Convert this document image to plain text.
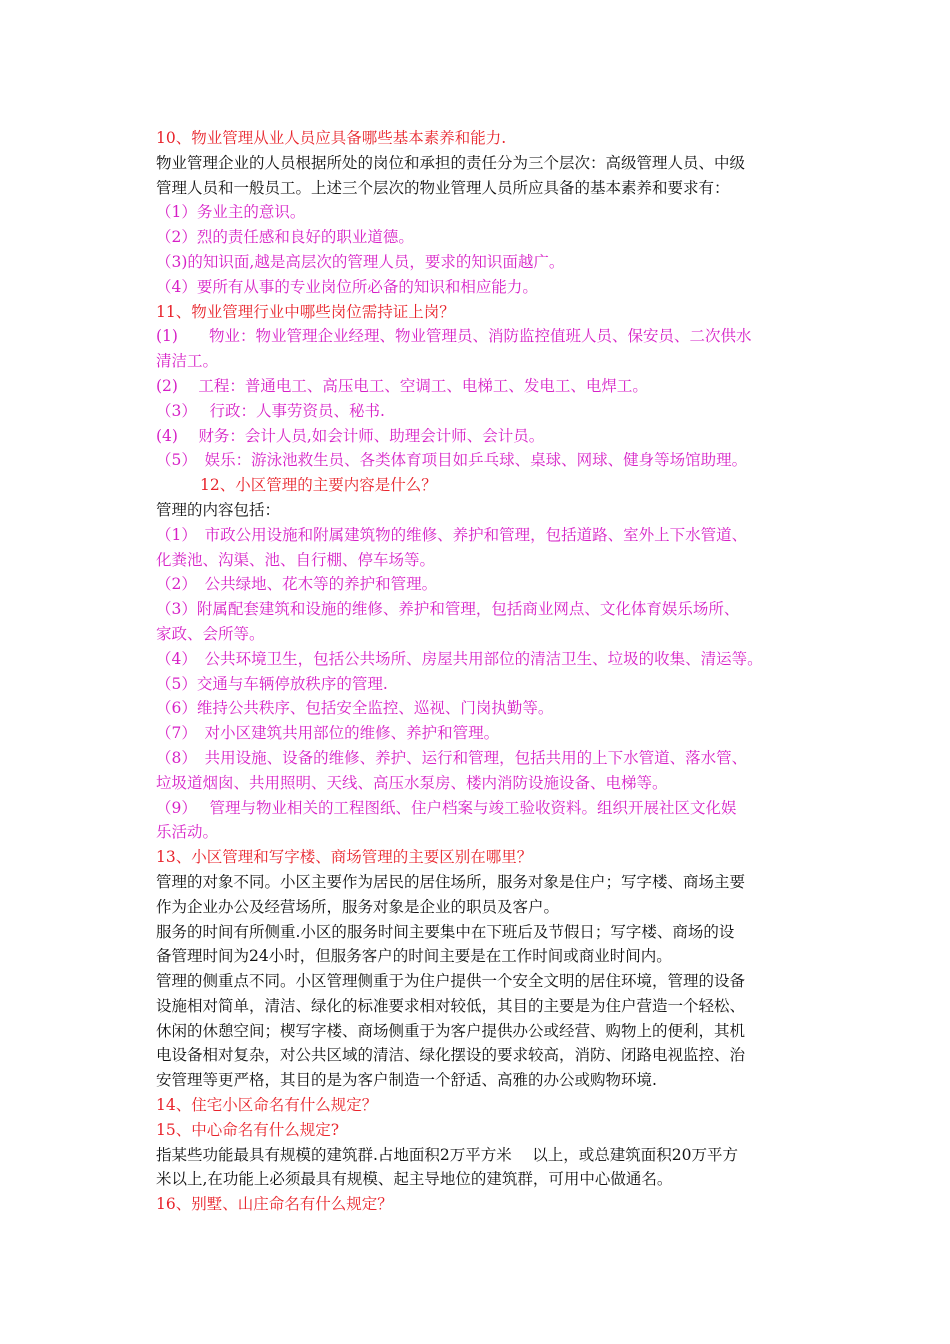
10、物业管理从业人员应具备哪些基本素养和能力.
物业管理企业的人员根据所处的岗位和承担的责任分为三个层次：高级管理人员、中级
管理人员和一般员工。上述三个层次的物业管理人员所应具备的基本素养和要求有：
（1）务业主的意识。
（2）烈的责任感和良好的职业道德。
（3)的知识面,越是高层次的管理人员，要求的知识面越广。
（4）要所有从事的专业岗位所必备的知识和相应能力。
11、物业管理行业中哪些岗位需持证上岗？
(1)　　物业：物业管理企业经理、物业管理员、消防监控值班人员、保安员、二次供水
清洁工。
(2)　 工程：普通电工、高压电工、空调工、电梯工、发电工、电焊工。
（3）　 行政：人事劳资员、秘书.
(4)　 财务：会计人员,如会计师、助理会计师、会计员。
（5）　娱乐：游泳池救生员、各类体育项目如乒乓球、桌球、网球、健身等场馆助理。
12、小区管理的主要内容是什么？
管理的内容包括：
（1）　市政公用设施和附属建筑物的维修、养护和管理，包括道路、室外上下水管道、
化粪池、沟渠、池、自行棚、停车场等。
（2）　公共绿地、花木等的养护和管理。
（3）附属配套建筑和设施的维修、养护和管理，包括商业网点、文化体育娱乐场所、
家政、会所等。
（4）　公共环境卫生，包括公共场所、房屋共用部位的清洁卫生、垃圾的收集、清运等。
（5）交通与车辆停放秩序的管理.
（6）维持公共秩序、包括安全监控、巡视、门岗执勤等。
（7）　对小区建筑共用部位的维修、养护和管理。
（8）　共用设施、设备的维修、养护、运行和管理，包括共用的上下水管道、落水管、
垃圾道烟囱、共用照明、天线、高压水泵房、楼内消防设施设备、电梯等。
（9）　 管理与物业相关的工程图纸、住户档案与竣工验收资料。组织开展社区文化娱
乐活动。
13、小区管理和写字楼、商场管理的主要区别在哪里？
管理的对象不同。小区主要作为居民的居住场所，服务对象是住户；写字楼、商场主要
作为企业办公及经营场所，服务对象是企业的职员及客户。
服务的时间有所侧重.小区的服务时间主要集中在下班后及节假日；写字楼、商场的设
备管理时间为24小时，但服务客户的时间主要是在工作时间或商业时间内。
管理的侧重点不同。小区管理侧重于为住户提供一个安全文明的居住环境，管理的设备
设施相对简单，清洁、绿化的标准要求相对较低，其目的主要是为住户营造一个轻松、
休闲的休憩空间；楔写字楼、商场侧重于为客户提供办公或经营、购物上的便利，其机
电设备相对复杂，对公共区域的清洁、绿化摆设的要求较高，消防、闭路电视监控、治
安管理等更严格，其目的是为客户制造一个舒适、高雅的办公或购物环境.
14、住宅小区命名有什么规定？
15、中心命名有什么规定?
指某些功能最具有规模的建筑群.占地面积2万平方米　 以上，或总建筑面积20万平方
米以上,在功能上必须最具有规模、起主导地位的建筑群，可用中心做通名。
16、别墅、山庄命名有什么规定？
